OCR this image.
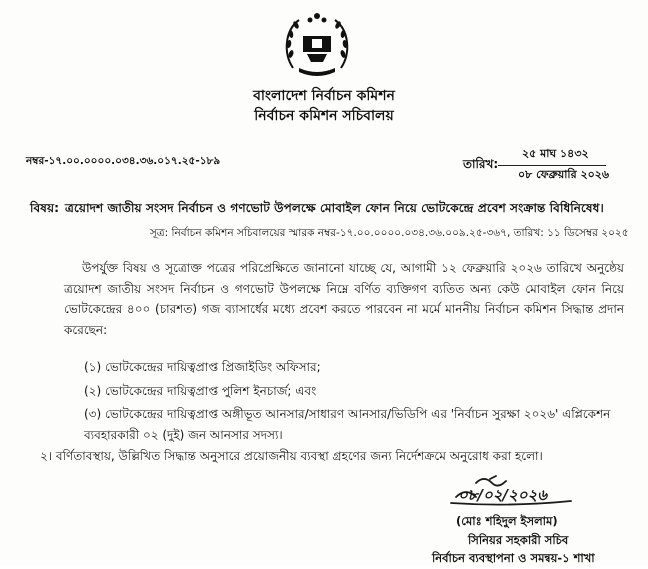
বাংলাদেশ নির্বাচন কমিশন
নির্বাচন কমিশন সচিবালয়
নম্বর-১৭.০০.০০০০.০৩৪.৩৬.০১৭.২৫-১৮৯	তারিখ:
২৫ মাঘ ১৪৩২
০৮ ফেব্রুয়ারি ২০২৬
বিষয়: ত্রয়োদশ জাতীয় সংসদ নির্বাচন ও গণভোট উপলক্ষে মোবাইল ফোন নিয়ে ভোটকেন্দ্রে প্রবেশ সংক্রান্ত বিধিনিষেধ।
সূত্র: নির্বাচন কমিশন সচিবালয়ের স্মারক নম্বর-১৭.০০.০০০০.০৩৪.৩৬.০০৯.২৫-৩৬৭, তারিখ: ১১ ডিসেম্বর ২০২৫
উপর্যুক্ত বিষয় ও সূত্রোক্ত পত্রের পরিপ্রেক্ষিতে জানানো যাচ্ছে যে, আগামী ১২ ফেব্রুয়ারি ২০২৬ তারিখে অনুষ্ঠেয় ত্রয়োদশ জাতীয় সংসদ নির্বাচন ও গণভোট উপলক্ষে নিম্নে বর্ণিত ব্যক্তিগণ ব্যতিত অন্য কেউ মোবাইল ফোন নিয়ে ভোটকেন্দ্রের ৪০০ (চারশত) গজ ব্যাসার্ধের মধ্যে প্রবেশ করতে পারবেন না মর্মে মাননীয় নির্বাচন কমিশন সিদ্ধান্ত প্রদান করেছেন:
(১) ভোটকেন্দ্রের দায়িত্বপ্রাপ্ত প্রিজাইডিং অফিসার;
(২) ভোটকেন্দ্রের দায়িত্বপ্রাপ্ত পুলিশ ইনচার্জ; এবং
(৩) ভোটকেন্দ্রের দায়িত্বপ্রাপ্ত অঙ্গীভূত আনসার/সাধারণ আনসার/ভিডিপি এর 'নির্বাচন সুরক্ষা ২০২৬' এপ্লিকেশন ব্যবহারকারী ০২ (দুই) জন আনসার সদস্য।
২। বর্ণিতাবস্থায়, উল্লিখিত সিদ্ধান্ত অনুসারে প্রয়োজনীয় ব্যবস্থা গ্রহণের জন্য নির্দেশক্রমে অনুরোধ করা হলো।
০৮/০২/২০২৬
(মোঃ শহিদুল ইসলাম)
সিনিয়র সহকারী সচিব
নির্বাচন ব্যবস্থাপনা ও সমন্বয়-১ শাখা
